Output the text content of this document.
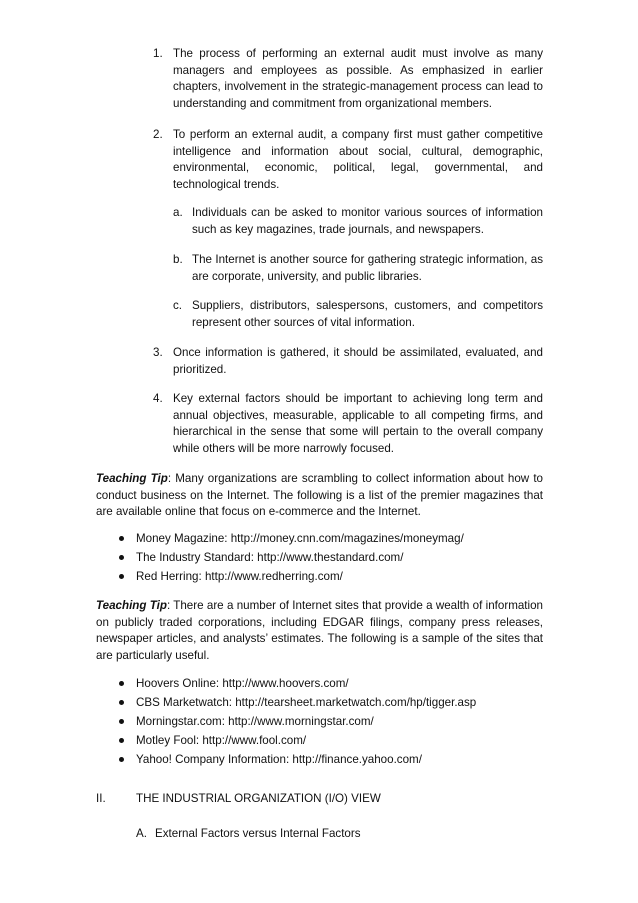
1. The process of performing an external audit must involve as many managers and employees as possible. As emphasized in earlier chapters, involvement in the strategic-management process can lead to understanding and commitment from organizational members.

2. To perform an external audit, a company first must gather competitive intelligence and information about social, cultural, demographic, environmental, economic, political, legal, governmental, and technological trends.

a. Individuals can be asked to monitor various sources of information such as key magazines, trade journals, and newspapers.

b. The Internet is another source for gathering strategic information, as are corporate, university, and public libraries.

c. Suppliers, distributors, salespersons, customers, and competitors represent other sources of vital information.

3. Once information is gathered, it should be assimilated, evaluated, and prioritized.

4. Key external factors should be important to achieving long term and annual objectives, measurable, applicable to all competing firms, and hierarchical in the sense that some will pertain to the overall company while others will be more narrowly focused.

Teaching Tip: Many organizations are scrambling to collect information about how to conduct business on the Internet. The following is a list of the premier magazines that are available online that focus on e-commerce and the Internet.

Money Magazine: http://money.cnn.com/magazines/moneymag/
The Industry Standard: http://www.thestandard.com/
Red Herring: http://www.redherring.com/

Teaching Tip: There are a number of Internet sites that provide a wealth of information on publicly traded corporations, including EDGAR filings, company press releases, newspaper articles, and analysts’ estimates. The following is a sample of the sites that are particularly useful.

Hoovers Online: http://www.hoovers.com/
CBS Marketwatch: http://tearsheet.marketwatch.com/hp/tigger.asp
Morningstar.com: http://www.morningstar.com/
Motley Fool: http://www.fool.com/
Yahoo! Company Information: http://finance.yahoo.com/
II.	THE INDUSTRIAL ORGANIZATION (I/O) VIEW
A. External Factors versus Internal Factors
